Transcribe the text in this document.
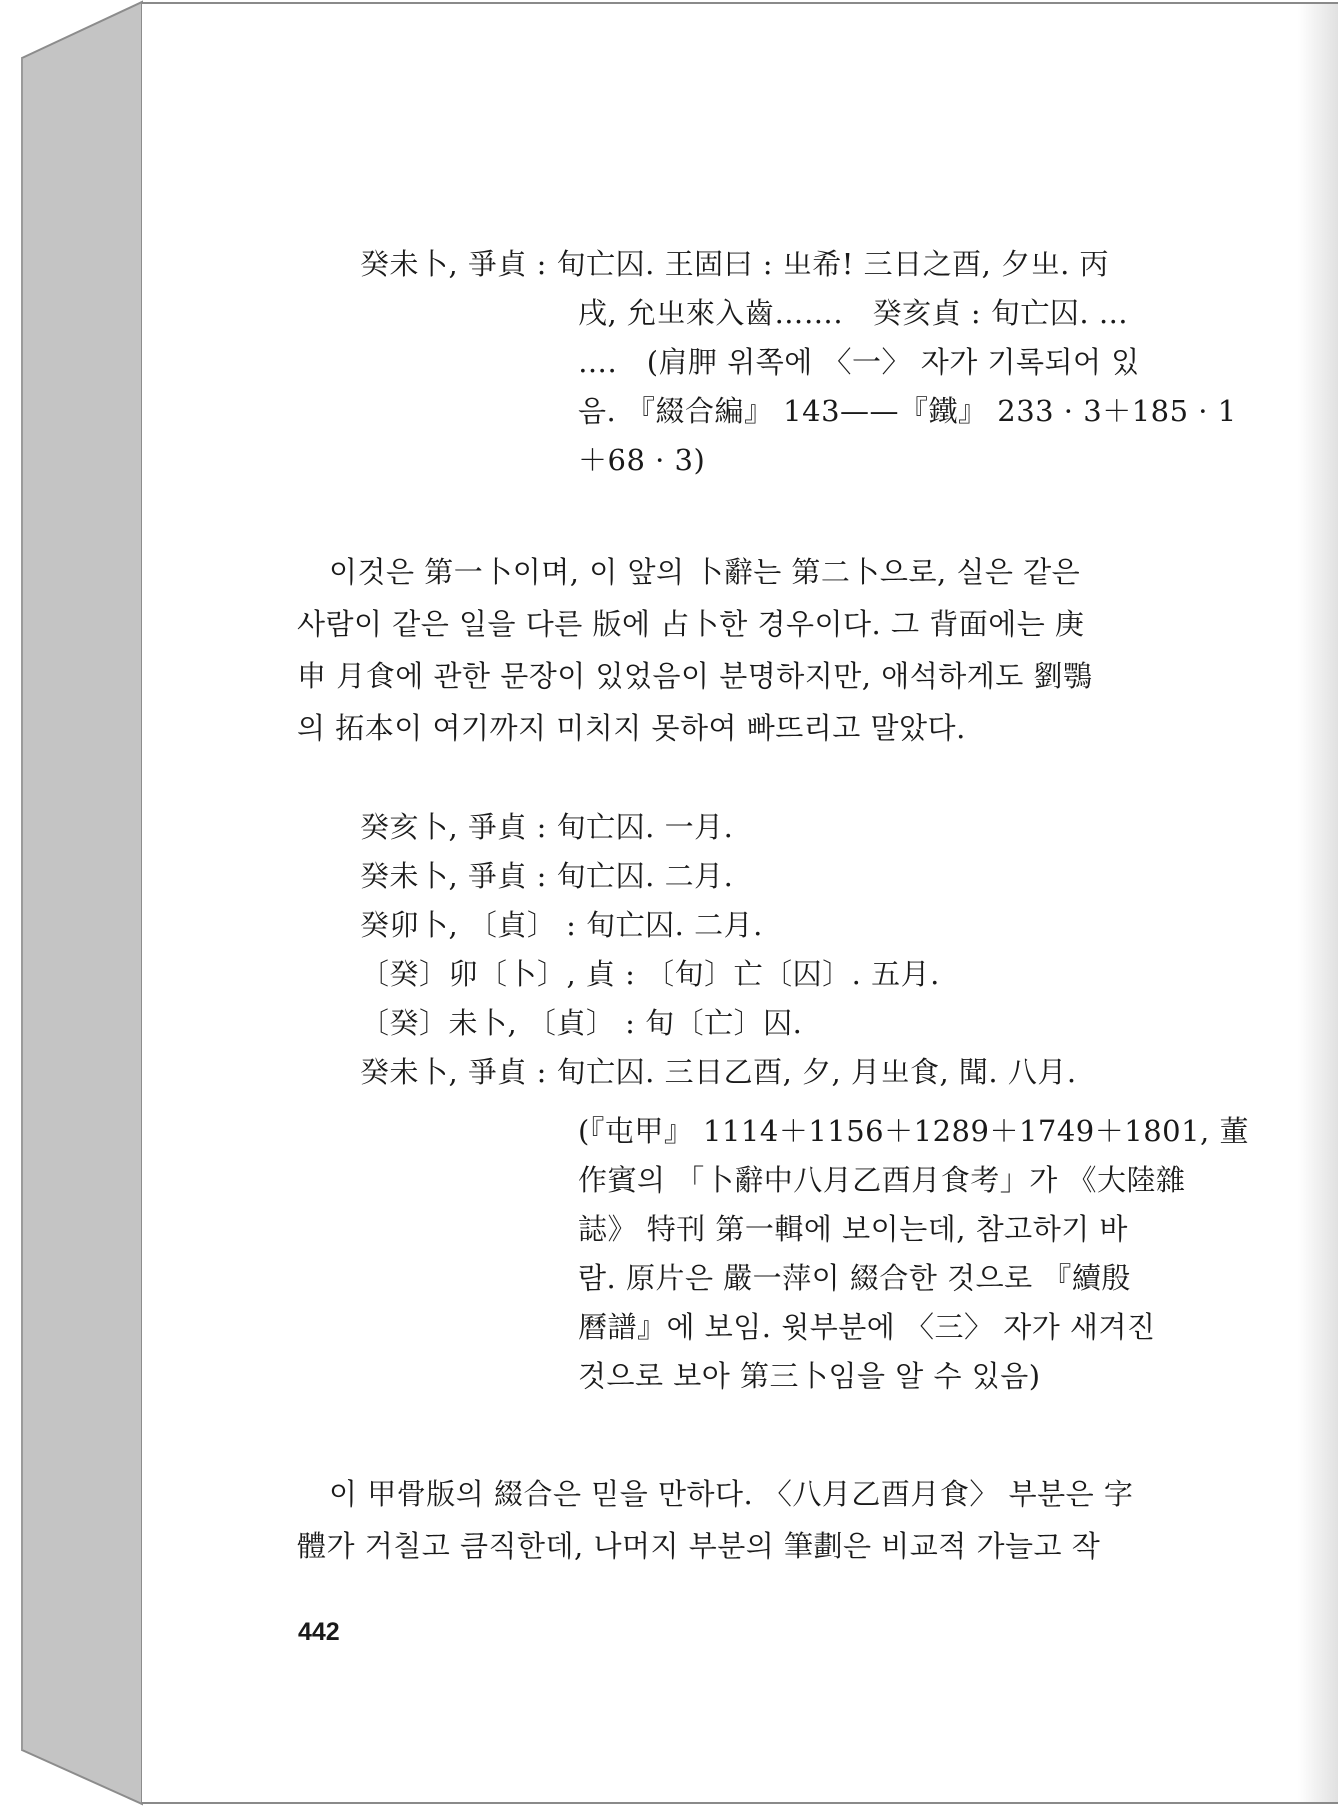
癸未卜, 爭貞 : 旬亡囚. 王固曰 : 㞢希! 三日之酉, 夕㞢. 丙
戌, 允㞢來入齒…….　癸亥貞 : 旬亡囚. …
….　(肩胛 위쪽에 〈一〉 자가 기록되어 있
음. 『綴合編』 143——『鐵』 233 · 3＋185 · 1
＋68 · 3)
이것은 第一卜이며, 이 앞의 卜辭는 第二卜으로, 실은 같은
사람이 같은 일을 다른 版에 占卜한 경우이다. 그 背面에는 庚
申 月食에 관한 문장이 있었음이 분명하지만, 애석하게도 劉鶚
의 拓本이 여기까지 미치지 못하여 빠뜨리고 말았다.
癸亥卜, 爭貞 : 旬亡囚. 一月.
癸未卜, 爭貞 : 旬亡囚. 二月.
癸卯卜, 〔貞〕 : 旬亡囚. 二月.
〔癸〕卯〔卜〕, 貞 : 〔旬〕亡〔囚〕. 五月.
〔癸〕未卜, 〔貞〕 : 旬〔亡〕囚.
癸未卜, 爭貞 : 旬亡囚. 三日乙酉, 夕, 月㞢食, 聞. 八月.
(『屯甲』 1114＋1156＋1289＋1749＋1801, 董
作賓의 「卜辭中八月乙酉月食考」가 《大陸雜
誌》 特刊 第一輯에 보이는데, 참고하기 바
람. 原片은 嚴一萍이 綴合한 것으로 『續殷
曆譜』에 보임. 윗부분에 〈三〉 자가 새겨진
것으로 보아 第三卜임을 알 수 있음)
이 甲骨版의 綴合은 믿을 만하다. 〈八月乙酉月食〉 부분은 字
體가 거칠고 큼직한데, 나머지 부분의 筆劃은 비교적 가늘고 작
442
